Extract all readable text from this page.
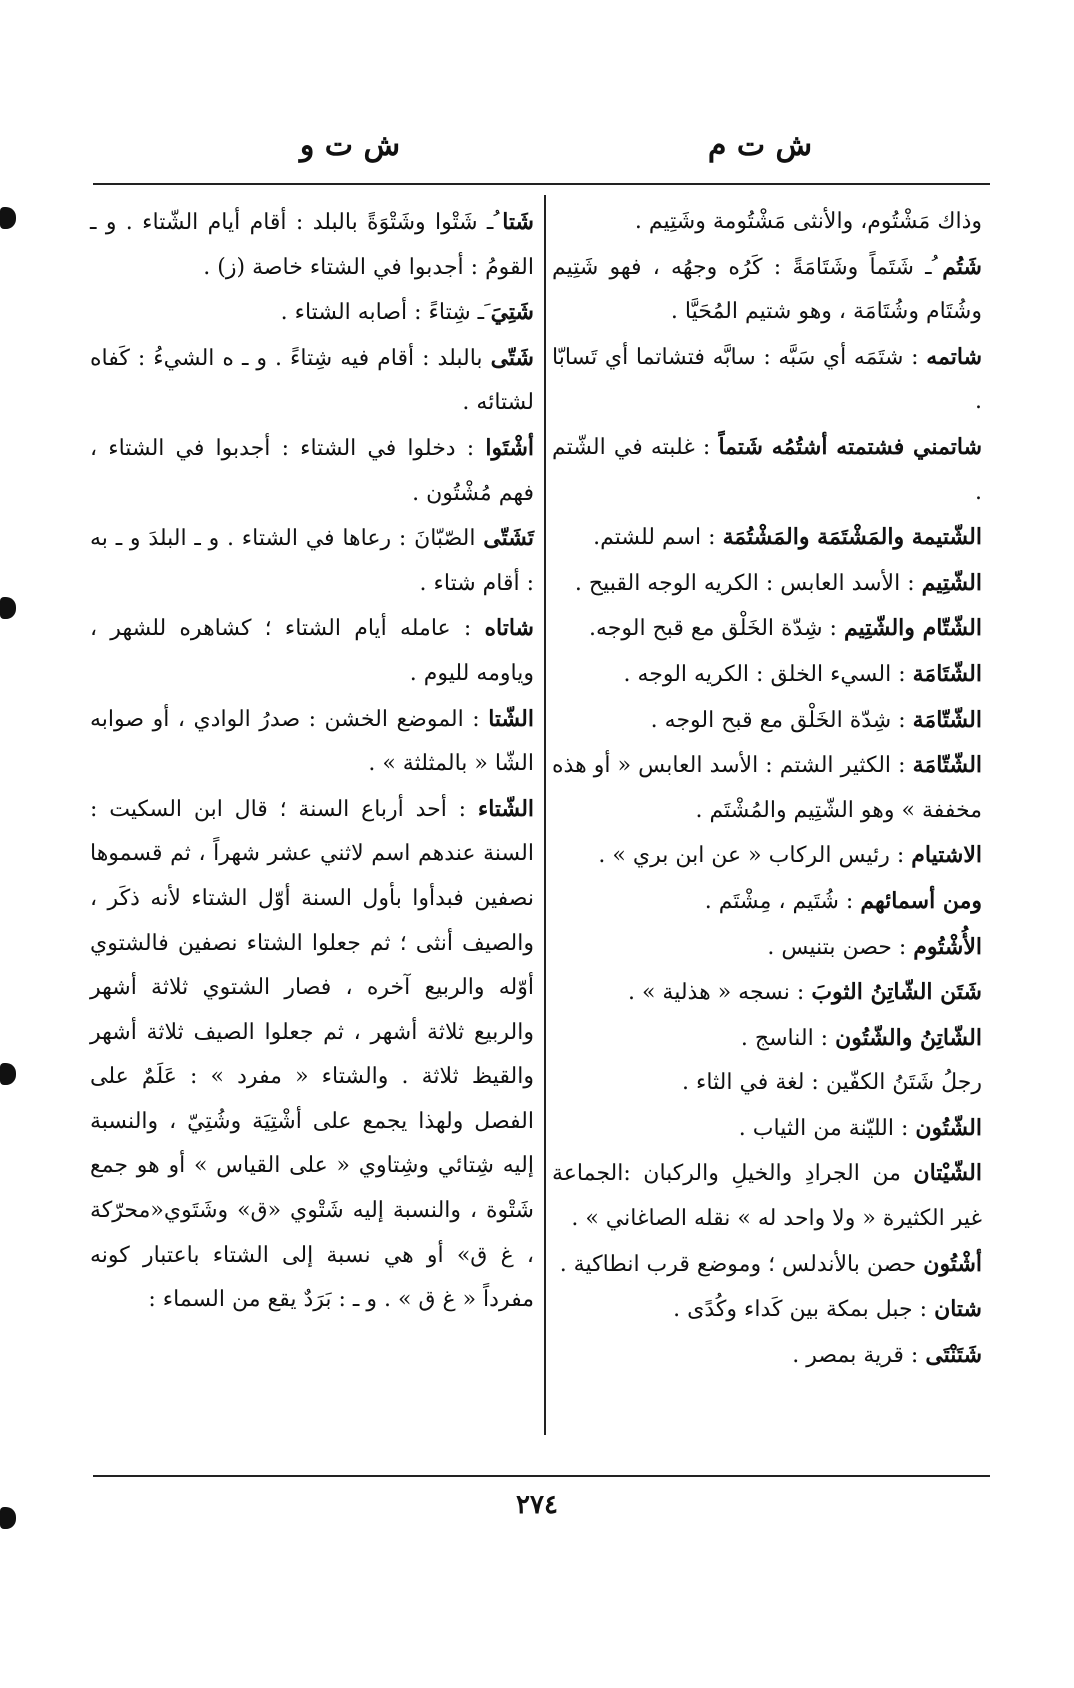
ش ت م
ش ت و

وذاك مَشْتُوم، والأنثى مَشْتُومة وشَتِيم .

شَتُم ُـ شَتَماً وشَتَامَةً : كَرُه وجهُه ، فهو شَتِيم وشُتَام وشُتَامَة ، وهو شتيم المُحَيَّا .

شاتمه : شتَمَه أي سَبَّه : سابَّه فتشاتما أي تَسابّا .

شاتمني فشتمته أشتُمُه شَتماً : غلبته في الشّتم .

الشّتيمة والمَشْتَمَة والمَشْتُمَة : اسم للشتم.

الشّتِيم : الأسد العابس : الكريه الوجه القبيح .

الشّتّام والشّتِيم : شِدّة الخَلْق مع قبح الوجه.

الشّتَامَة : السيء الخلق : الكريه الوجه .

الشّتّامَة : شِدّة الخَلْق مع قبح الوجه .

الشّتّامَة : الكثير الشتم : الأسد العابس « أو هذه مخففة » وهو الشّتِيم والمُشْتَم .

الاشتيام : رئيس الركاب « عن ابن بري » .

ومن أسمائهم : شُتَيم ، مِشْتَم .

الأُشْتُوم : حصن بتنيس .

شَتَن الشّاتِنُ الثوبَ : نسجه « هذلية » .

الشّاتِنُ والشّتُون : الناسج .

رجلُ شَتَنُ الكفّين : لغة في الثاء .

الشّتُون : الليّنة من الثياب .

الشّيْتان من الجرادِ والخيلِ والركبان :الجماعة غير الكثيرة « ولا واحد له » نقله الصاغاني » .

أشْتُون حصن بالأندلس ؛ وموضع قرب انطاكية .

شتان : جبل بمكة بين كَداء وكُدًى .

شَتَنْتَى : قرية بمصر .

شَتا ُـ شَتْوا وشَتْوَةً بالبلد : أقام أيام الشّتاء . و ـ القومُ : أجدبوا في الشتاء خاصة (ز) .

شَتِيَ َـ شِتاءً : أصابه الشتاء .

شَتّى بالبلد : أقام فيه شِتاءً . و ـ ه الشيءُ : كَفاه لشتائه .

أشْتَوا : دخلوا في الشتاء : أجدبوا في الشتاء ، فهم مُشْتُون .

تَشَتّى الصّبّانَ : رعاها في الشتاء . و ـ البلدَ و ـ به : أقام شتاء .

شاتاه : عامله أيام الشتاء ؛ كشاهره للشهر ، وياومه لليوم .

الشّتا : الموضع الخشن : صدرُ الوادي ، أو صوابه الشّا « بالمثلثة » .

الشّتاء : أحد أرباع السنة ؛ قال ابن السكيت : السنة عندهم اسم لاثني عشر شهراً ، ثم قسموها نصفين فبدأوا بأول السنة أوّل الشتاء لأنه ذكَر ، والصيف أنثى ؛ ثم جعلوا الشتاء نصفين فالشتوي أوّله والربيع آخره ، فصار الشتوي ثلاثة أشهر والربيع ثلاثة أشهر ، ثم جعلوا الصيف ثلاثة أشهر والقيظ ثلاثة . والشتاء « مفرد » : عَلَمٌ على الفصل ولهذا يجمع على أشْتِيَة وشُتِيّ ، والنسبة إليه شِتائي وشِتاوي « على القياس » أو هو جمع شَتْوة ، والنسبة إليه شَتْوي «ق» وشَتَوي«محرّكة ، غ ق» أو هي نسبة إلى الشتاء باعتبار كونه مفرداً « غ ق » . و ـ : بَرَدٌ يقع من السماء :

٢٧٤
